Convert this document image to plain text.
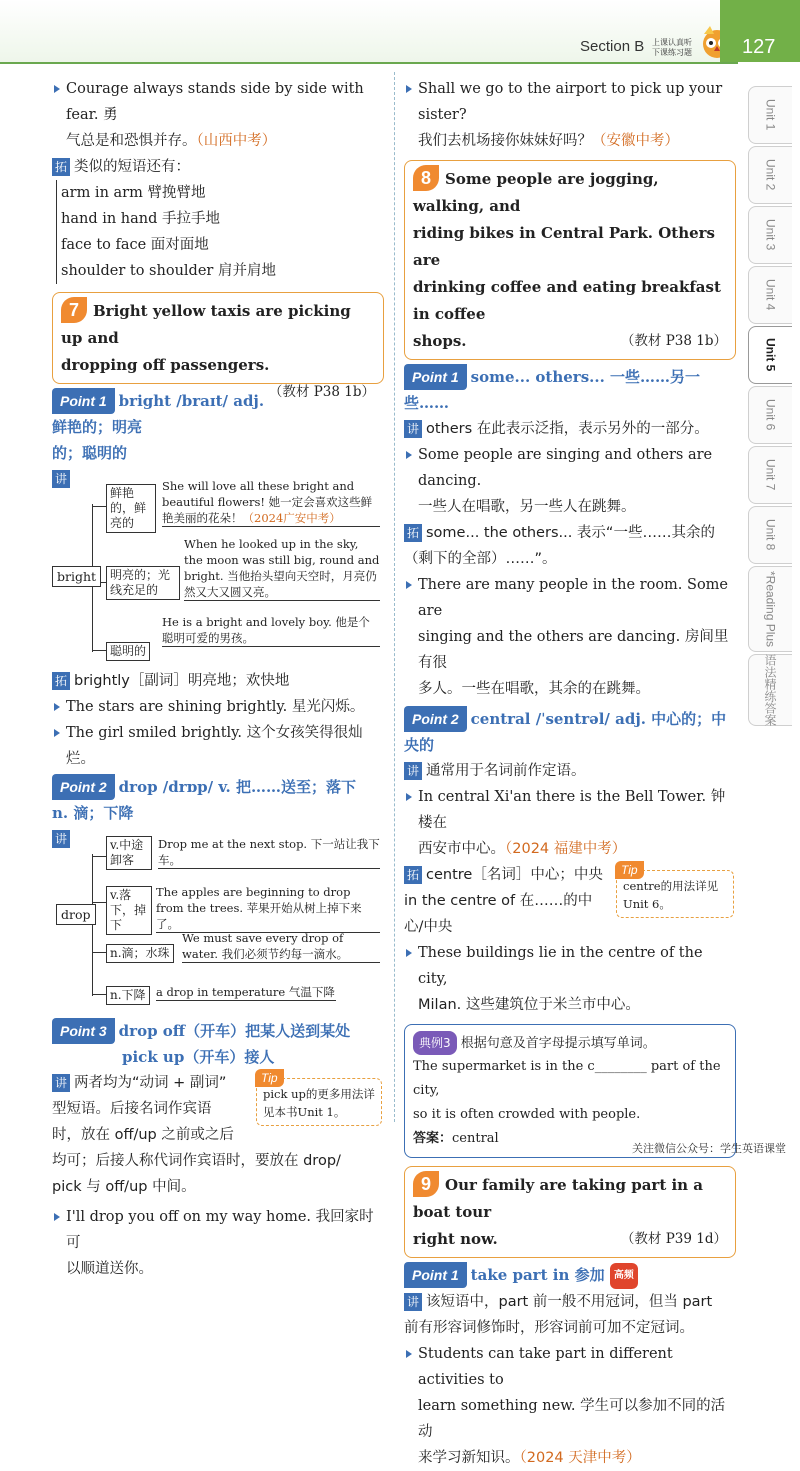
Section B 上课认真听 下课练习题	127
Unit 1
Unit 2
Unit 3
Unit 4
Unit 5
Unit 6
Unit 7
Unit 8
*Reading Plus
语法精练答案
Courage always stands side by side with fear. 勇
气总是和恐惧并存。（山西中考）
拓 类似的短语还有：
arm in arm 臂挽臂地
hand in hand 手拉手地
face to face 面对面地
shoulder to shoulder 肩并肩地
7 Bright yellow taxis are picking up and
dropping off passengers.
（教材 P38 1b）
Point 1 bright /braɪt/ adj. 鲜艳的；明亮
的；聪明的
讲
bright
鲜艳的，鲜亮的
She will love all these bright and beautiful flowers! 她一定会喜欢这些鲜艳美丽的花朵！（2024广安中考）
明亮的；光线充足的
When he looked up in the sky, the moon was still big, round and bright. 当他抬头望向天空时，月亮仍然又大又圆又亮。
聪明的
He is a bright and lovely boy. 他是个聪明可爱的男孩。
拓 brightly［副词］明亮地；欢快地
The stars are shining brightly. 星光闪烁。
The girl smiled brightly. 这个女孩笑得很灿烂。
Point 2 drop /drɒp/ v. 把……送至；落下
n. 滴；下降
讲
drop
v.中途卸客
Drop me at the next stop. 下一站让我下车。
v.落下，掉下
The apples are beginning to drop from the trees. 苹果开始从树上掉下来了。
n.滴；水珠
We must save every drop of water. 我们必须节约每一滴水。
n.下降 a drop in temperature 气温下降
Point 3 drop off（开车）把某人送到某处
pick up（开车）接人
讲 两者均为“动词 + 副词”
型短语。后接名词作宾语
时，放在 off/up 之前或之后
均可；后接人称代词作宾语时，要放在 drop/
pick 与 off/up 中间。
Tip
pick up的更多用法详见本书Unit 1。
I'll drop you off on my way home. 我回家时可
以顺道送你。
Shall we go to the airport to pick up your sister?
我们去机场接你妹妹好吗？（安徽中考）
8 Some people are jogging, walking, and
riding bikes in Central Park. Others are
drinking coffee and eating breakfast in coffee
shops.	（教材 P38 1b）
Point 1 some... others... 一些……另一
些……
讲 others 在此表示泛指，表示另外的一部分。
Some people are singing and others are dancing.
一些人在唱歌，另一些人在跳舞。
拓 some... the others... 表示“一些……其余的
（剩下的全部）……”。
There are many people in the room. Some are
singing and the others are dancing. 房间里有很
多人。一些在唱歌，其余的在跳舞。
Point 2 central /ˈsentrəl/ adj. 中心的；中
央的
讲 通常用于名词前作定语。
In central Xi'an there is the Bell Tower. 钟楼在
西安市中心。（2024 福建中考）
拓 centre［名词］中心；中央
in the centre of 在……的中
心/中央
Tip
centre的用法详见Unit 6。
These buildings lie in the centre of the city,
Milan. 这些建筑位于米兰市中心。
典例3 根据句意及首字母提示填写单词。
The supermarket is in the c________ part of the city,
so it is often crowded with people.
答案：central
9 Our family are taking part in a boat tour
right now.	（教材 P39 1d）
Point 1 take part in 参加 高频
讲 该短语中，part 前一般不用冠词，但当 part
前有形容词修饰时，形容词前可加不定冠词。
Students can take part in different activities to
learn something new. 学生可以参加不同的活动
来学习新知识。（2024 天津中考）
关注微信公众号：学生英语课堂
